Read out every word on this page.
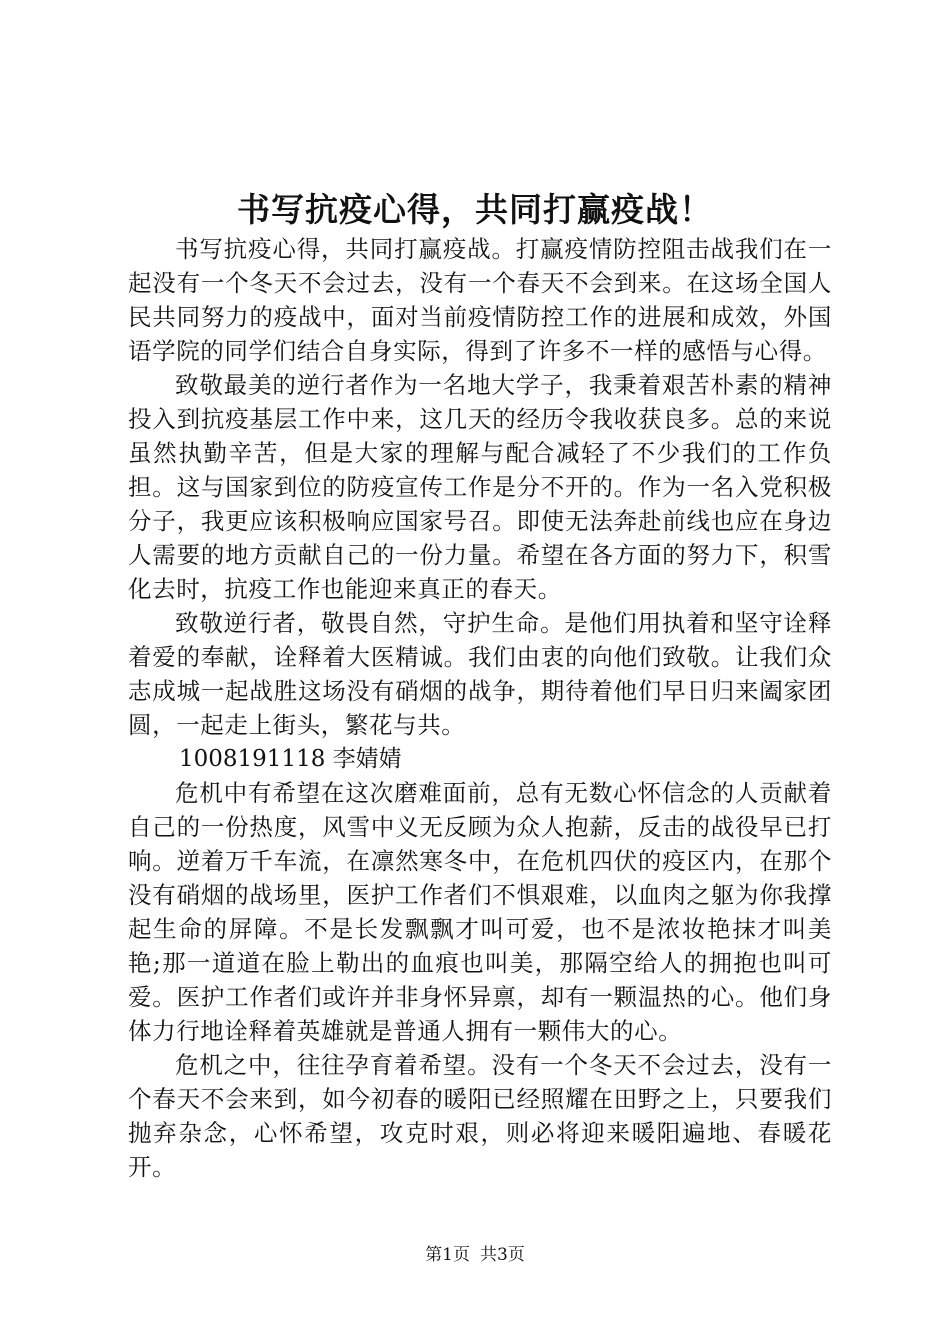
书写抗疫心得，共同打赢疫战！

书写抗疫心得，共同打赢疫战。打赢疫情防控阻击战我们在一起没有一个冬天不会过去，没有一个春天不会到来。在这场全国人民共同努力的疫战中，面对当前疫情防控工作的进展和成效，外国语学院的同学们结合自身实际，得到了许多不一样的感悟与心得。

致敬最美的逆行者作为一名地大学子，我秉着艰苦朴素的精神投入到抗疫基层工作中来，这几天的经历令我收获良多。总的来说虽然执勤辛苦，但是大家的理解与配合减轻了不少我们的工作负担。这与国家到位的防疫宣传工作是分不开的。作为一名入党积极分子，我更应该积极响应国家号召。即使无法奔赴前线也应在身边人需要的地方贡献自己的一份力量。希望在各方面的努力下，积雪化去时，抗疫工作也能迎来真正的春天。

致敬逆行者，敬畏自然，守护生命。是他们用执着和坚守诠释着爱的奉献，诠释着大医精诚。我们由衷的向他们致敬。让我们众志成城一起战胜这场没有硝烟的战争，期待着他们早日归来阖家团圆，一起走上街头，繁花与共。

1008191118 李婧婧

危机中有希望在这次磨难面前，总有无数心怀信念的人贡献着自己的一份热度，风雪中义无反顾为众人抱薪，反击的战役早已打响。逆着万千车流，在凛然寒冬中，在危机四伏的疫区内，在那个没有硝烟的战场里，医护工作者们不惧艰难，以血肉之躯为你我撑起生命的屏障。不是长发飘飘才叫可爱，也不是浓妆艳抹才叫美艳;那一道道在脸上勒出的血痕也叫美，那隔空给人的拥抱也叫可爱。医护工作者们或许并非身怀异禀，却有一颗温热的心。他们身体力行地诠释着英雄就是普通人拥有一颗伟大的心。

危机之中，往往孕育着希望。没有一个冬天不会过去，没有一个春天不会来到，如今初春的暖阳已经照耀在田野之上，只要我们抛弃杂念，心怀希望，攻克时艰，则必将迎来暖阳遍地、春暖花开。

第1页 共3页
